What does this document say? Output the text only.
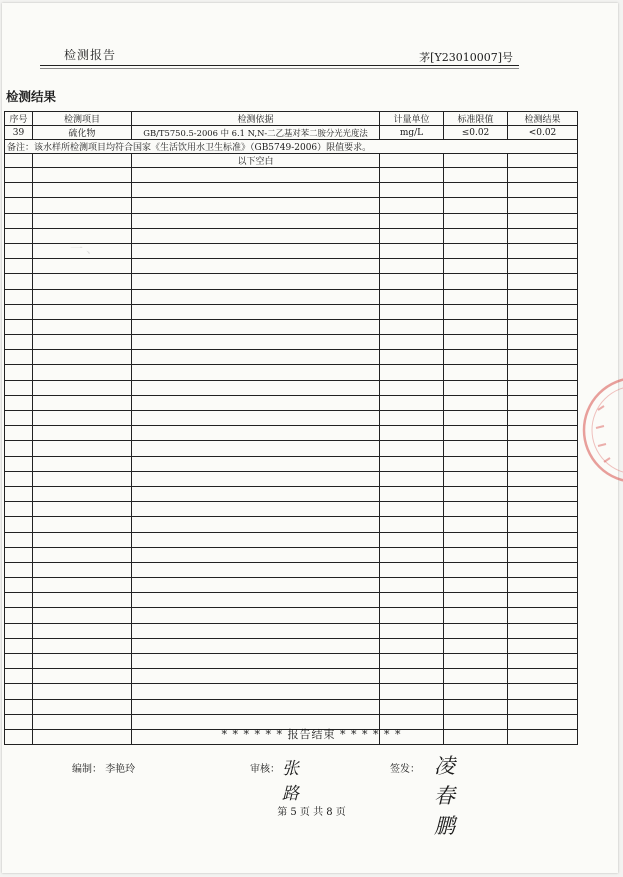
一、
检测报告	茅[Y23010007]号
检测结果
序号	检测项目	检测依据	计量单位	标准限值	检测结果
39	硫化物	GB/T5750.5-2006 中 6.1 N,N-二乙基对苯二胺分光光度法	mg/L	≤0.02	<0.02
备注：该水样所检测项目均符合国家《生活饮用水卫生标准》（GB5749-2006）限值要求。					
		以下空白			

* * * * * * 报告结束 * * * * * *
编制： 李艳玲	审核： 张路
签发： 凌春鹏
第 5 页 共 8 页
